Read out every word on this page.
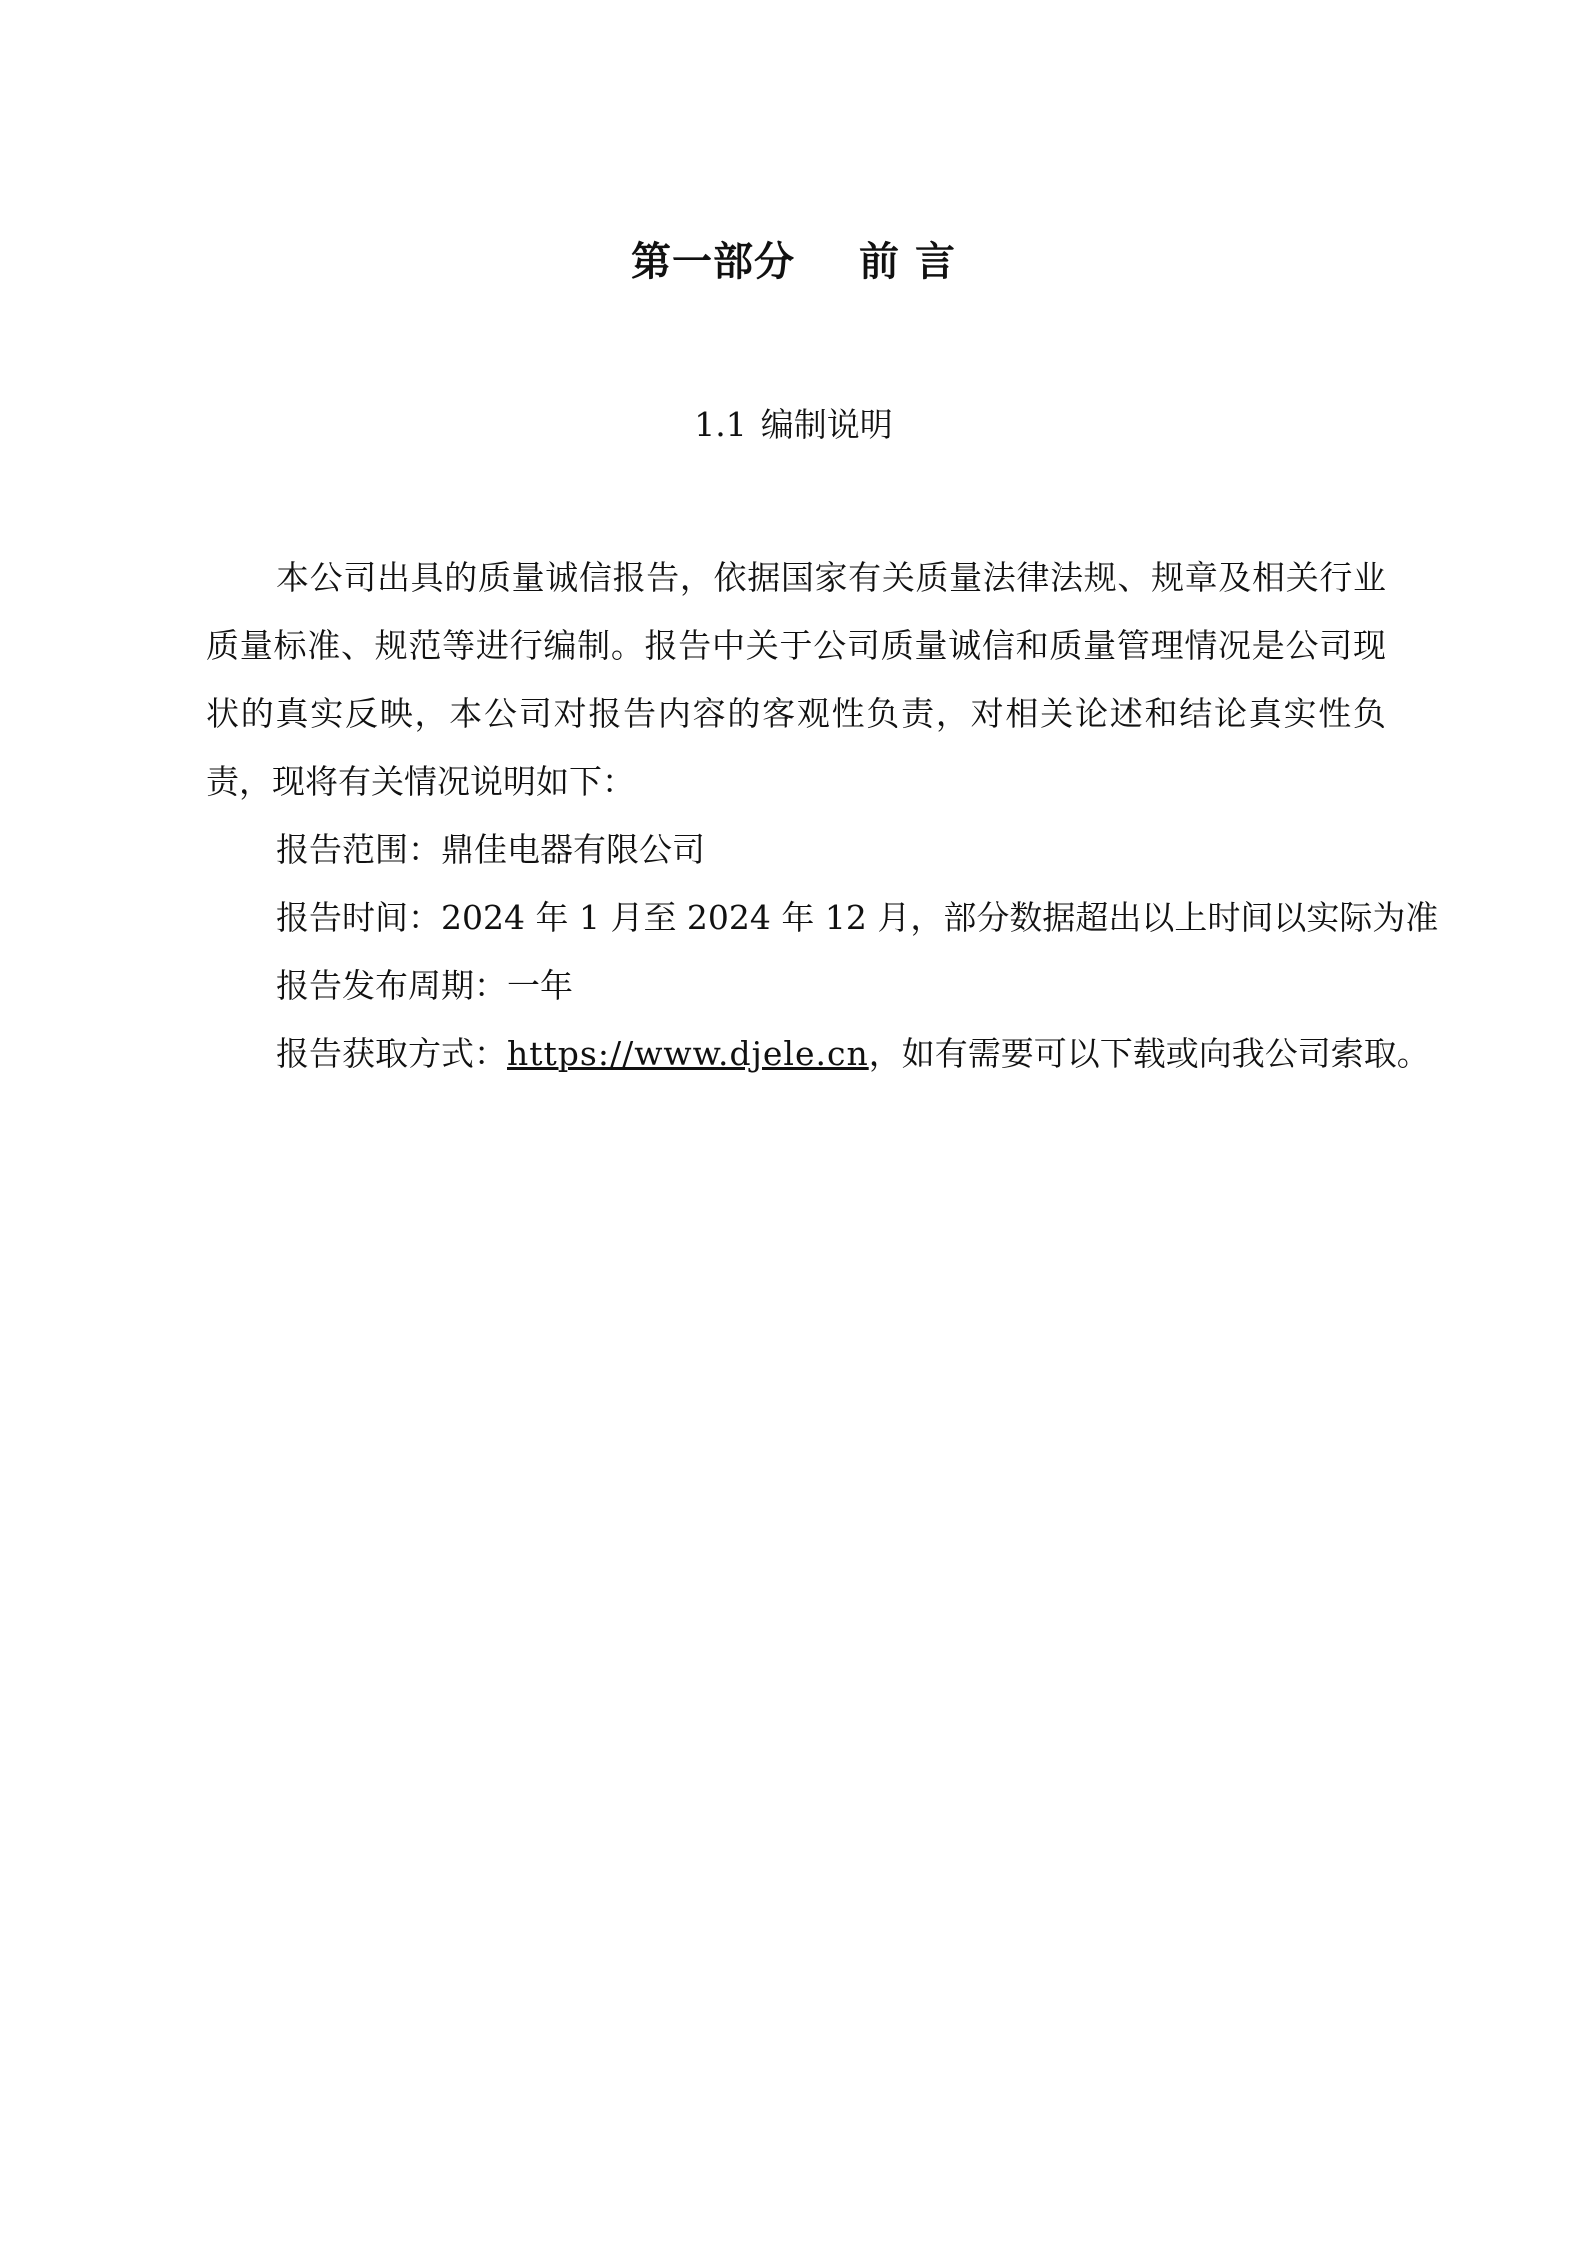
第一部分 前 言
1.1 编制说明

本公司出具的质量诚信报告，依据国家有关质量法律法规、规章及相关行业质量标准、规范等进行编制。报告中关于公司质量诚信和质量管理情况是公司现状的真实反映，本公司对报告内容的客观性负责，对相关论述和结论真实性负责，现将有关情况说明如下：

报告范围：鼎佳电器有限公司

报告时间：2024 年 1 月至 2024 年 12 月，部分数据超出以上时间以实际为准

报告发布周期：一年

报告获取方式：https://www.djele.cn，如有需要可以下载或向我公司索取。
